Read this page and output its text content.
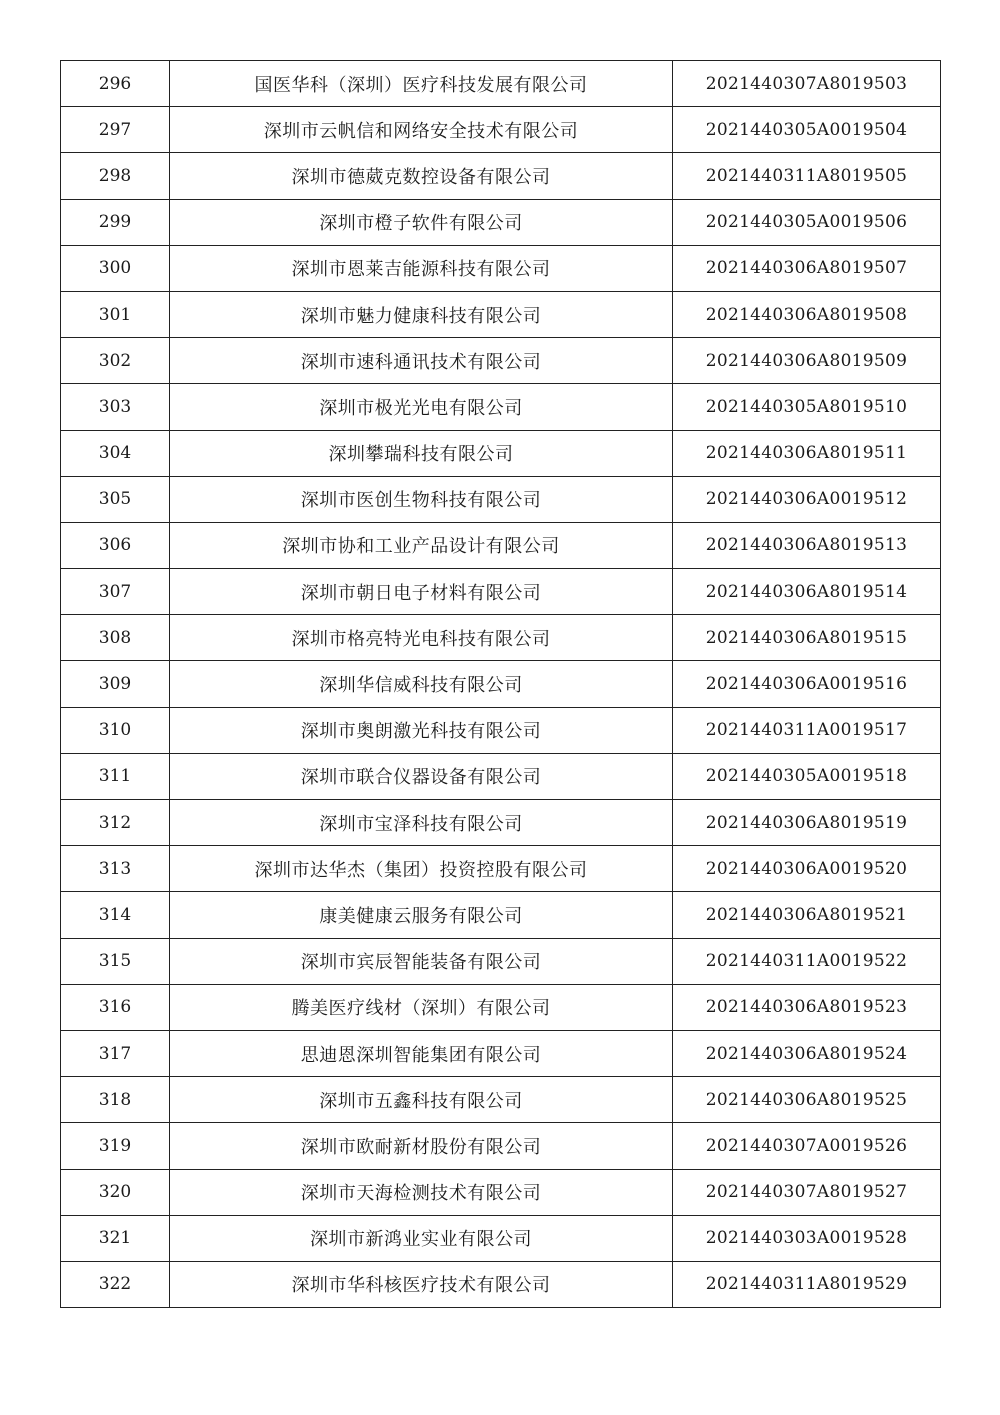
296	国医华科（深圳）医疗科技发展有限公司	2021440307A8019503
297	深圳市云帆信和网络安全技术有限公司	2021440305A0019504
298	深圳市德葳克数控设备有限公司	2021440311A8019505
299	深圳市橙子软件有限公司	2021440305A0019506
300	深圳市恩莱吉能源科技有限公司	2021440306A8019507
301	深圳市魅力健康科技有限公司	2021440306A8019508
302	深圳市速科通讯技术有限公司	2021440306A8019509
303	深圳市极光光电有限公司	2021440305A8019510
304	深圳攀瑞科技有限公司	2021440306A8019511
305	深圳市医创生物科技有限公司	2021440306A0019512
306	深圳市协和工业产品设计有限公司	2021440306A8019513
307	深圳市朝日电子材料有限公司	2021440306A8019514
308	深圳市格亮特光电科技有限公司	2021440306A8019515
309	深圳华信威科技有限公司	2021440306A0019516
310	深圳市奥朗激光科技有限公司	2021440311A0019517
311	深圳市联合仪器设备有限公司	2021440305A0019518
312	深圳市宝泽科技有限公司	2021440306A8019519
313	深圳市达华杰（集团）投资控股有限公司	2021440306A0019520
314	康美健康云服务有限公司	2021440306A8019521
315	深圳市宾辰智能装备有限公司	2021440311A0019522
316	腾美医疗线材（深圳）有限公司	2021440306A8019523
317	思迪恩深圳智能集团有限公司	2021440306A8019524
318	深圳市五鑫科技有限公司	2021440306A8019525
319	深圳市欧耐新材股份有限公司	2021440307A0019526
320	深圳市天海检测技术有限公司	2021440307A8019527
321	深圳市新鸿业实业有限公司	2021440303A0019528
322	深圳市华科核医疗技术有限公司	2021440311A8019529
